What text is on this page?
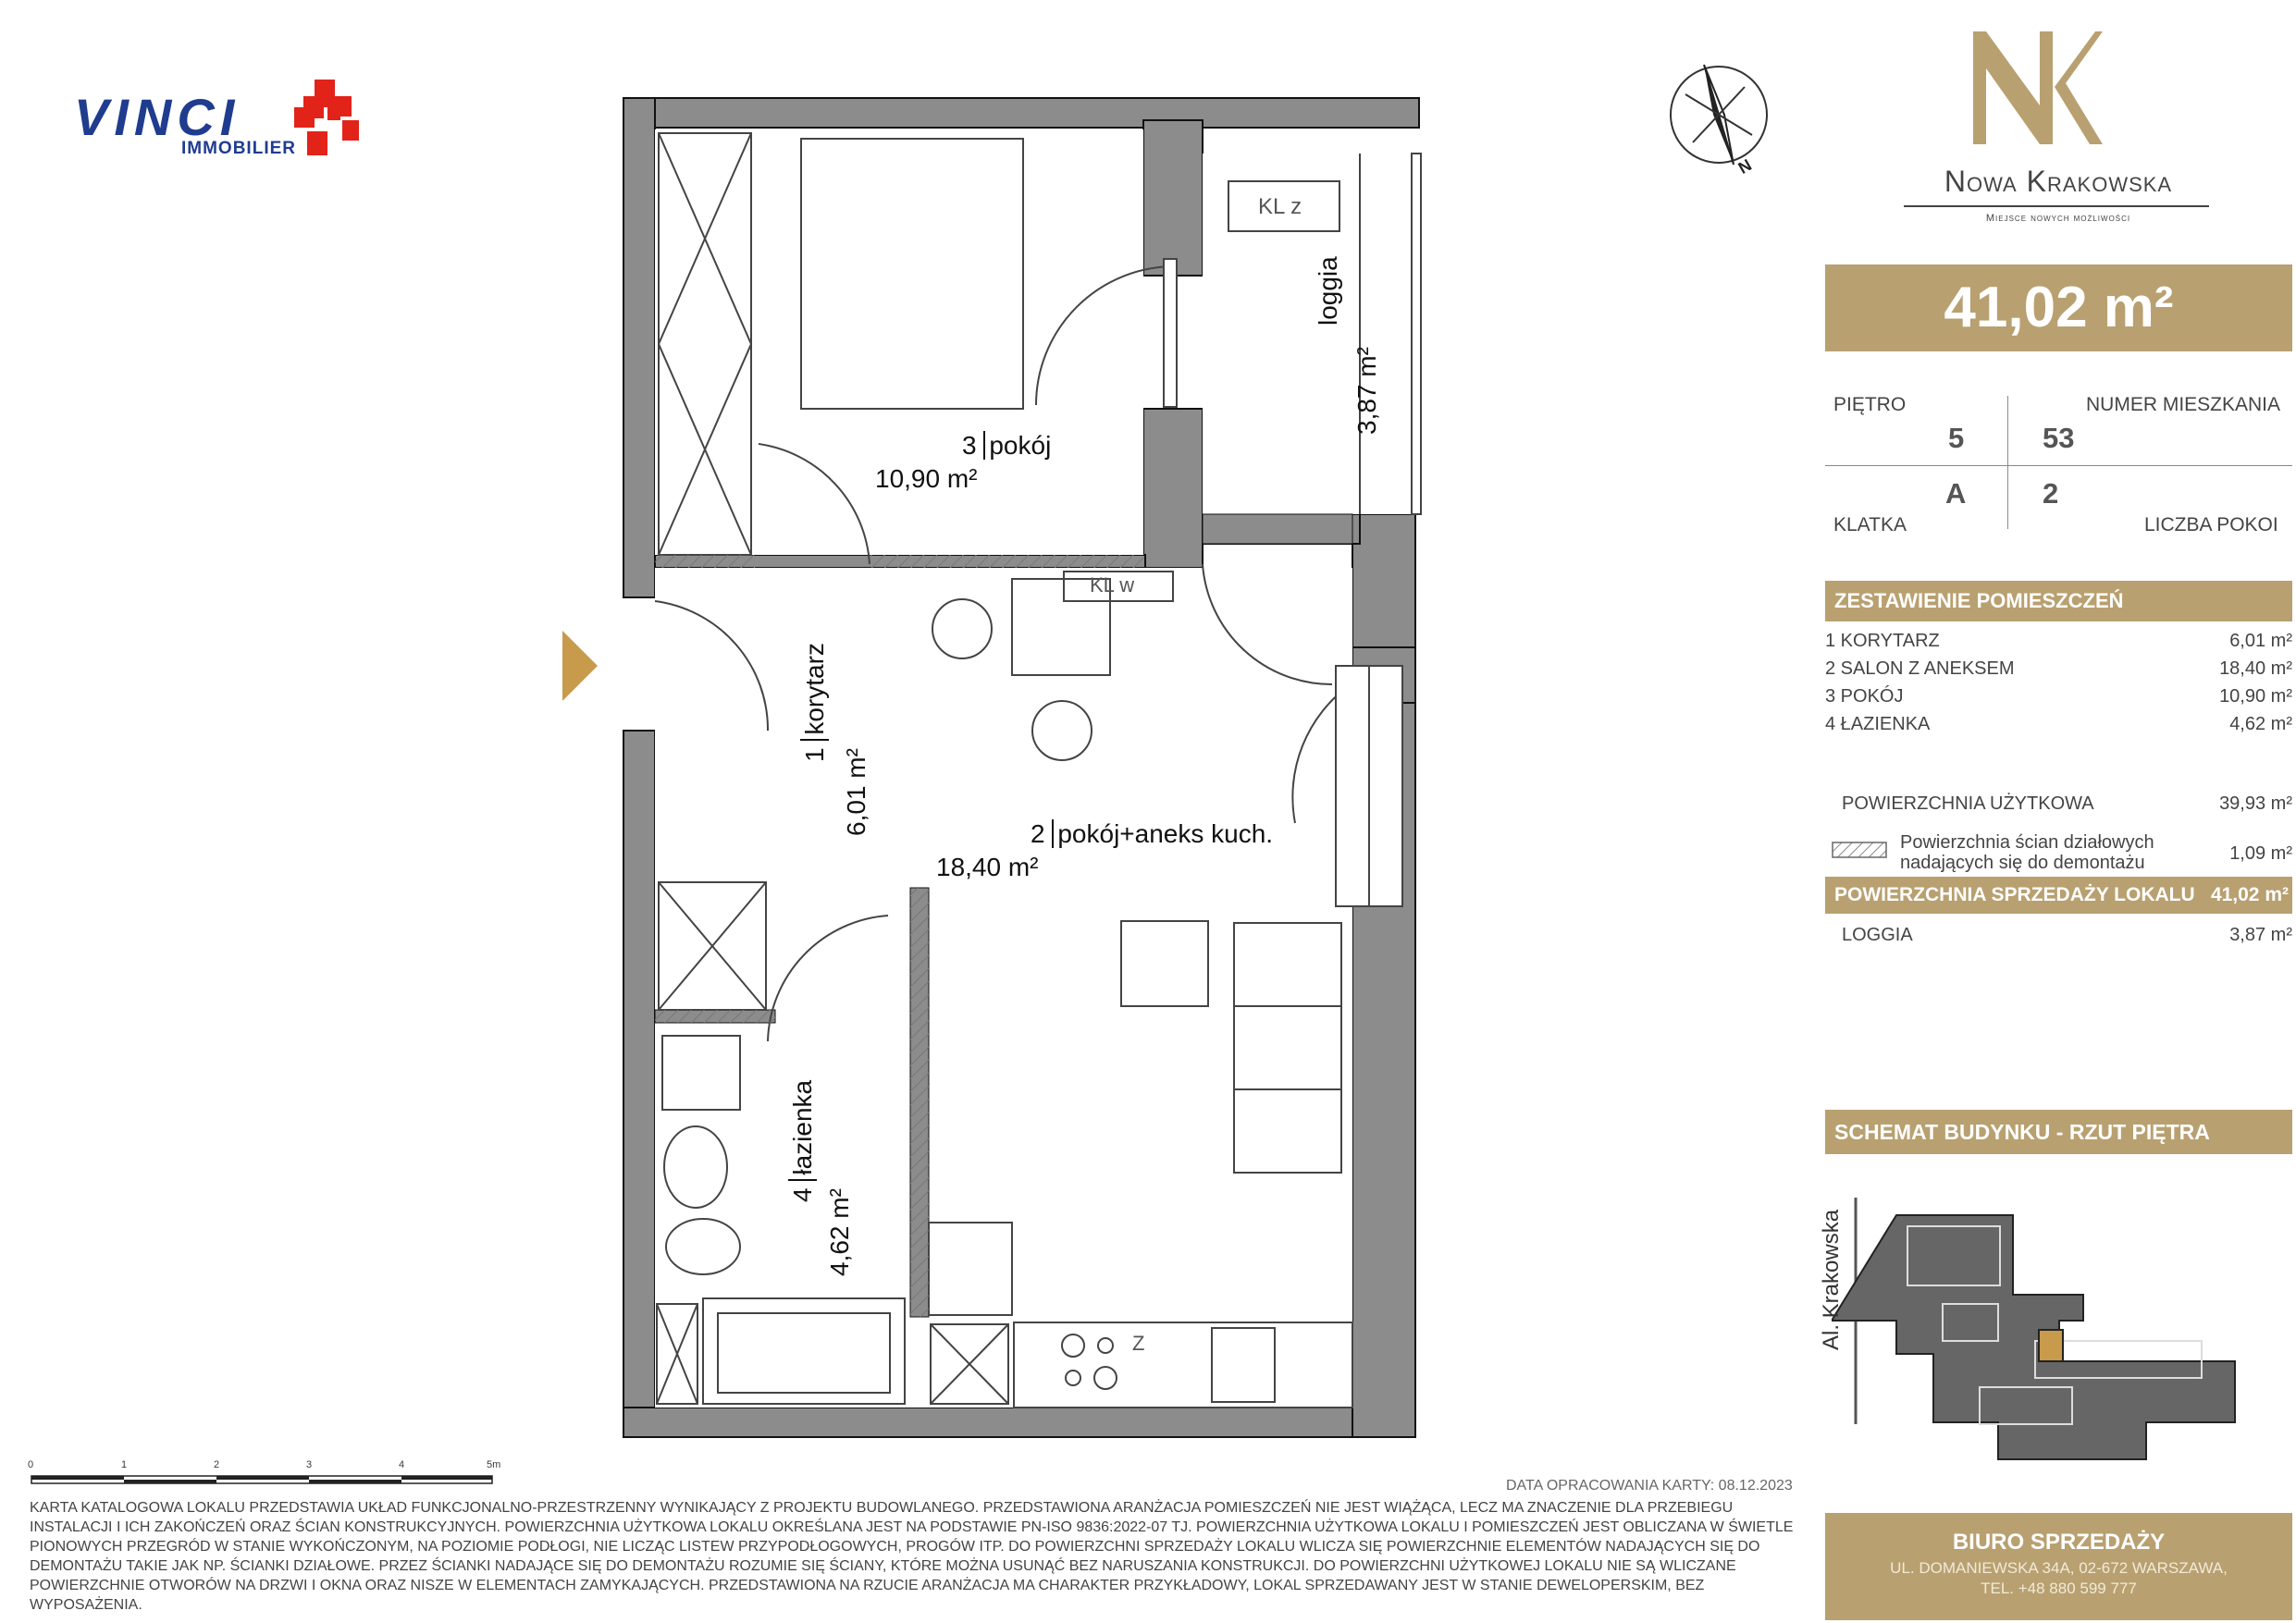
VINCI
IMMOBILIER
Nowa Krakowska
Miejsce nowych możliwości
N
41,02 m²
PIĘTRO	NUMER MIESZKANIA
5	53
A	2
KLATKA	LICZBA POKOI
ZESTAWIENIE POMIESZCZEŃ
1 KORYTARZ	6,01 m²
2 SALON Z ANEKSEM	18,40 m²
3 POKÓJ	10,90 m²
4 ŁAZIENKA	4,62 m²
POWIERZCHNIA UŻYTKOWA	39,93 m²
Powierzchnia ścian działowych
nadających się do demontażu	1,09 m²
POWIERZCHNIA SPRZEDAŻY LOKALU 41,02 m²
LOGGIA	3,87 m²
SCHEMAT BUDYNKU - RZUT PIĘTRA
Al. Krakowska
BIURO SPRZEDAŻY
UL. DOMANIEWSKA 34A, 02-672 WARSZAWA,
TEL. +48 880 599 777
3 pokój
10,90 m²
1 korytarz
6,01 m²	2 pokój+aneks kuch.
18,40 m²
4 łazienka
4,62 m²
loggia
3,87 m²
KL z
KL w
Z
0	1	2	3	4	5m
DATA OPRACOWANIA KARTY: 08.12.2023
KARTA KATALOGOWA LOKALU PRZEDSTAWIA UKŁAD FUNKCJONALNO-PRZESTRZENNY WYNIKAJĄCY Z PROJEKTU BUDOWLANEGO. PRZEDSTAWIONA ARANŻACJA POMIESZCZEŃ NIE JEST WIĄŻĄCA, LECZ MA ZNACZENIE DLA PRZEBIEGU INSTALACJI I ICH ZAKOŃCZEŃ ORAZ ŚCIAN KONSTRUKCYJNYCH. POWIERZCHNIA UŻYTKOWA LOKALU OKREŚLANA JEST NA PODSTAWIE PN-ISO 9836:2022-07 TJ. POWIERZCHNIA UŻYTKOWA LOKALU I POMIESZCZEŃ JEST OBLICZANA W ŚWIETLE PIONOWYCH PRZEGRÓD W STANIE WYKOŃCZONYM, NA POZIOMIE PODŁOGI, NIE LICZĄC LISTEW PRZYPODŁOGOWYCH, PROGÓW ITP. DO POWIERZCHNI SPRZEDAŻY LOKALU WLICZA SIĘ POWIERZCHNIE ELEMENTÓW NADAJĄCYCH SIĘ DO DEMONTAŻU TAKIE JAK NP. ŚCIANKI DZIAŁOWE. PRZEZ ŚCIANKI NADAJĄCE SIĘ DO DEMONTAŻU ROZUMIE SIĘ ŚCIANY, KTÓRE MOŻNA USUNĄĆ BEZ NARUSZANIA KONSTRUKCJI. DO POWIERZCHNI UŻYTKOWEJ LOKALU NIE SĄ WLICZANE POWIERZCHNIE OTWORÓW NA DRZWI I OKNA ORAZ NISZE W ELEMENTACH ZAMYKAJĄCYCH. PRZEDSTAWIONA NA RZUCIE ARANŻACJA MA CHARAKTER PRZYKŁADOWY, LOKAL SPRZEDAWANY JEST W STANIE DEWELOPERSKIM, BEZ WYPOSAŻENIA.
